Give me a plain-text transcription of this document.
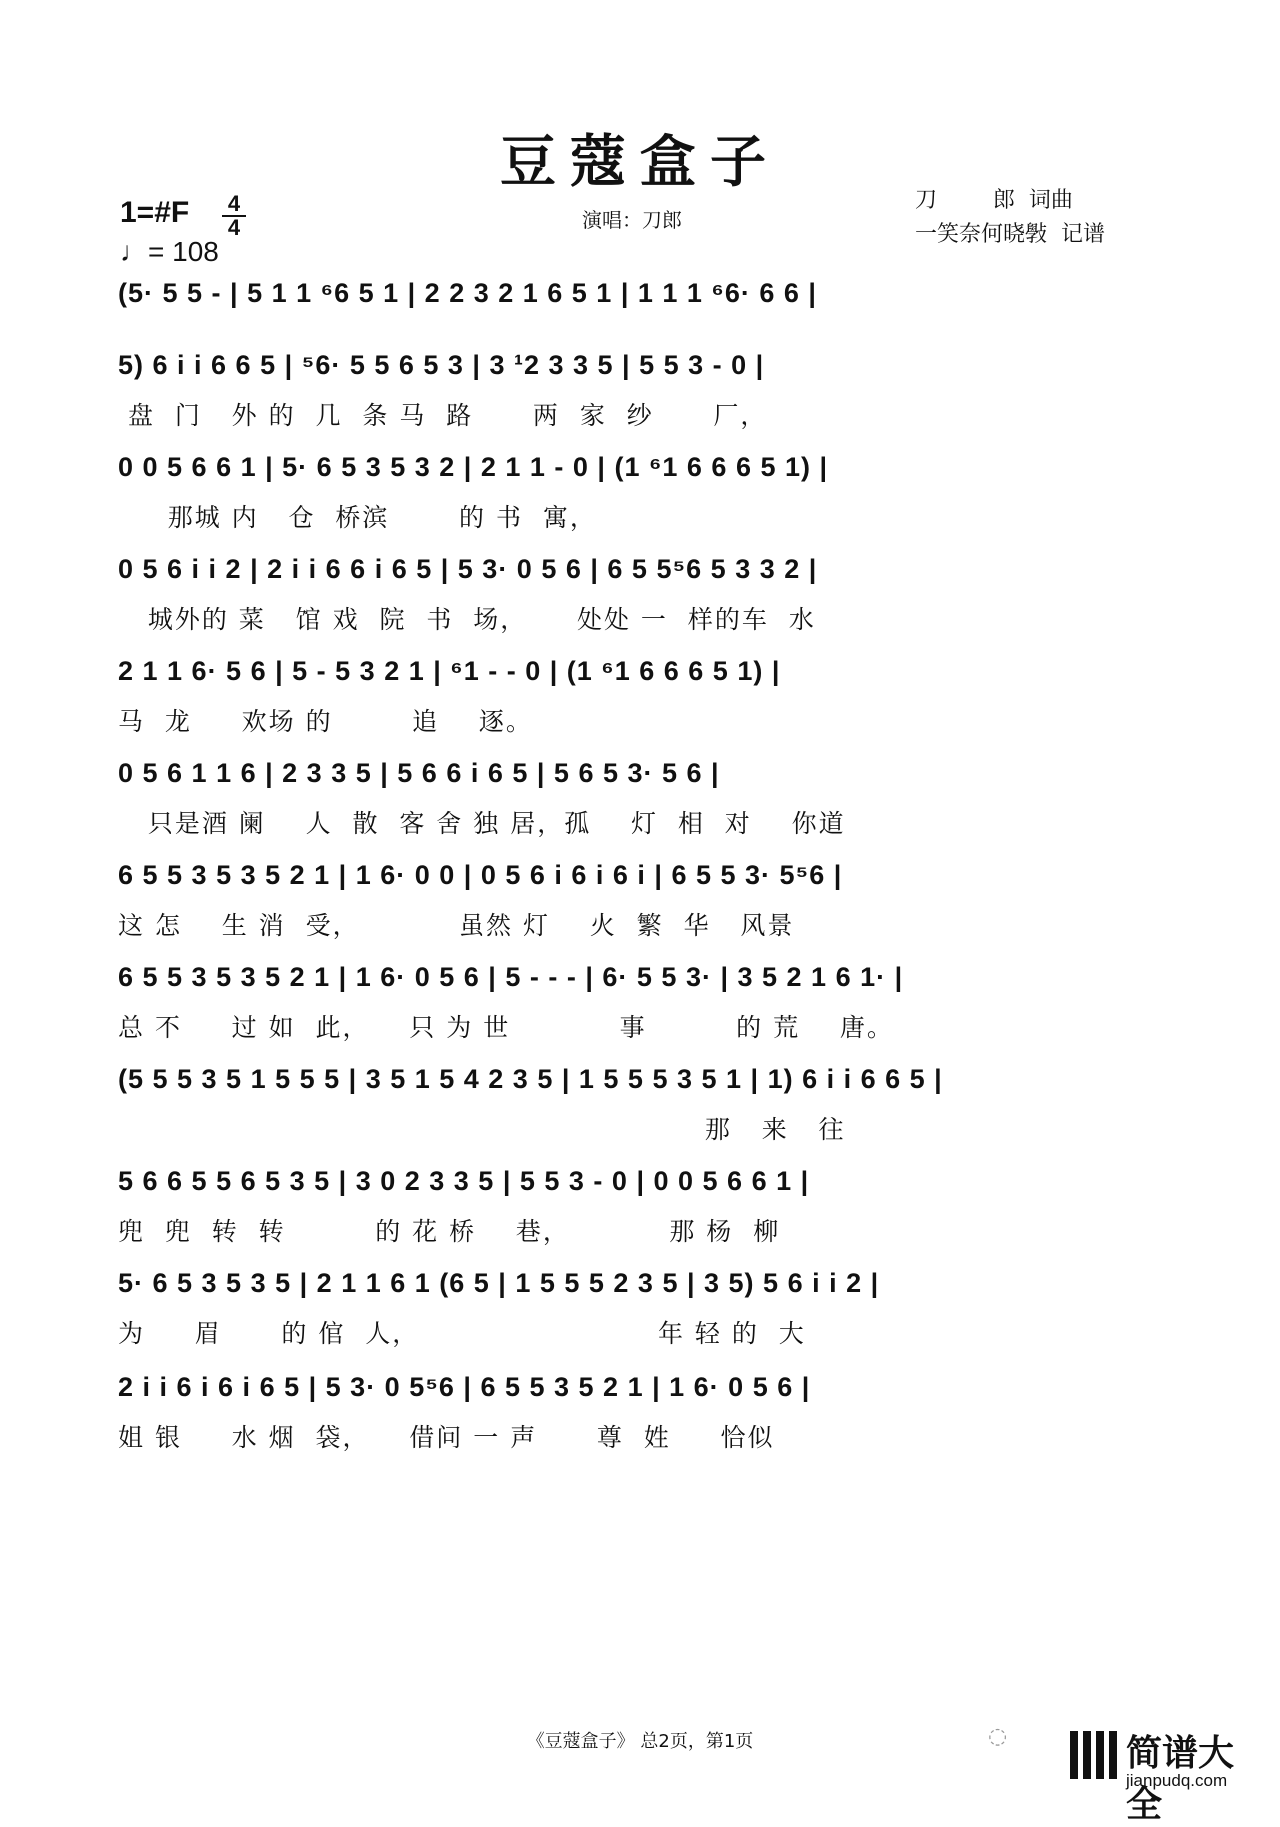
豆蔻盒子
1=#F 4
4
♩= 108
演唱：刀郎
刀        郎  词曲
一笑奈何晓斅  记谱
(5· 5 5 - | 5 1 1 ⁶6 5 1 | 2 2 3 2 1 6 5 1 | 1 1 1 ⁶6· 6 6 |
5) 6 i i 6 6 5 | ⁵6· 5 5 6 5 3 | 3 ¹2 3 3 5 | 5 5 3 - 0 |
盘  门   外 的  几  条 马  路      两  家  纱      厂，
0 0 5 6 6 1 | 5· 6 5 3 5 3 2 | 2 1 1 - 0 | (1 ⁶1 6 6 6 5 1) |
那城 内   仓  桥滨       的 书  寓，
0 5 6 i i 2 | 2 i i 6 6 i 6 5 | 5 3· 0 5 6 | 6 5 5⁵6 5 3 3 2 |
城外的 菜   馆 戏  院  书  场，     处处 一  样的车  水
2 1 1 6· 5 6 | 5 - 5 3 2 1 | ⁶1 - - 0 | (1 ⁶1 6 6 6 5 1) |
马  龙     欢场 的        追    逐。
0 5 6 1 1 6 | 2 3 3 5 | 5 6 6 i 6 5 | 5 6 5 3· 5 6 |
只是酒 阑    人  散  客 舍 独 居，孤    灯  相  对    你道
6 5 5 3 5 3 5 2 1 | 1 6· 0 0 | 0 5 6 i 6 i 6 i | 6 5 5 3· 5⁵6 |
这 怎    生 消  受，          虽然 灯    火  繁  华   风景
6 5 5 3 5 3 5 2 1 | 1 6· 0 5 6 | 5 - - - | 6· 5 5 3· | 3 5 2 1 6 1· |
总 不     过 如  此，    只 为 世           事         的 荒    唐。
(5 5 5 3 5 1 5 5 5 | 3 5 1 5 4 2 3 5 | 1 5 5 5 3 5 1 | 1) 6 i i 6 6 5 |
那   来   往
5 6 6 5 5 6 5 3 5 | 3 0 2 3 3 5 | 5 5 3 - 0 | 0 0 5 6 6 1 |
兜  兜  转  转         的 花 桥    巷，          那 杨  柳
5· 6 5 3 5 3 5 | 2 1 1 6 1 (6 5 | 1 5 5 5 2 3 5 | 3 5) 5 6 i i 2 |
为     眉      的 倌  人，                        年 轻 的  大
2 i i 6 i 6 i 6 5 | 5 3· 0 5⁵6 | 6 5 5 3 5 2 1 | 1 6· 0 5 6 |
姐 银     水 烟  袋，    借问 一 声      尊  姓     恰似
◌
《豆蔻盒子》 总2页，第1页	简谱大全
jianpudq.com
